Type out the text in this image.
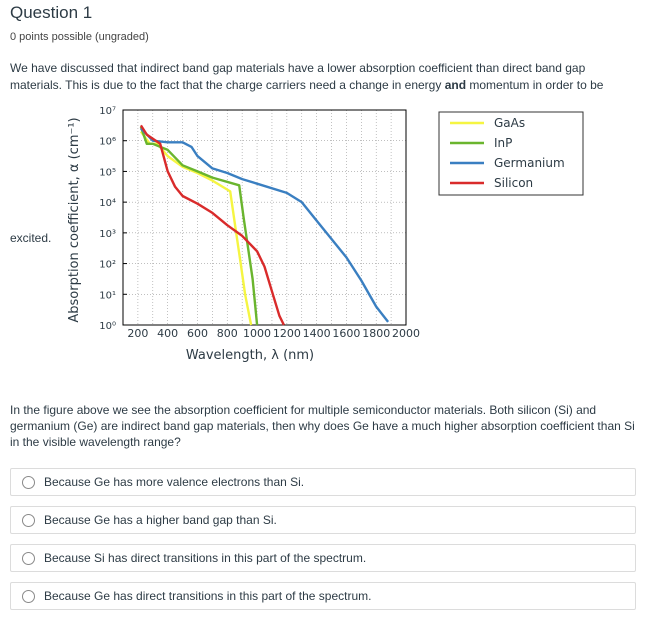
Question 1
0 points possible (ungraded)
We have discussed that indirect band gap materials have a lower absorption coefficient than direct band gap materials. This is due to the fact that the charge carriers need a change in energy and momentum in order to be
excited.
200 400 600 800 1000 1200 1400 1600 1800 2000
10⁰
10¹
10²
10³
10⁴
10⁵
10⁶
10⁷
Wavelength, λ (nm)
Absorption coefficient, α (cm⁻¹)	GaAs
InP
Germanium
Silicon
In the figure above we see the absorption coefficient for multiple semiconductor materials. Both silicon (Si) and germanium (Ge) are indirect band gap materials, then why does Ge have a much higher absorption coefficient than Si in the visible wavelength range?
Because Ge has more valence electrons than Si.
Because Ge has a higher band gap than Si.
Because Si has direct transitions in this part of the spectrum.
Because Ge has direct transitions in this part of the spectrum.
